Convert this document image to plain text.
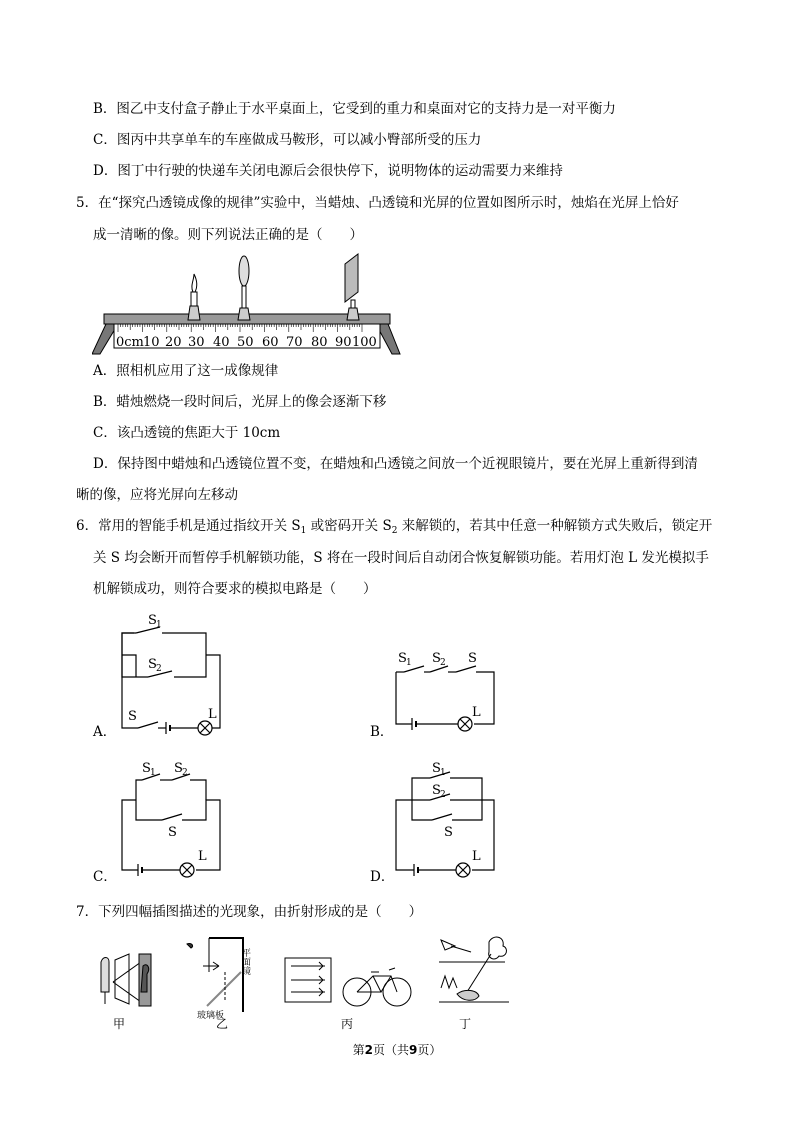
B．图乙中支付盒子静止于水平桌面上，它受到的重力和桌面对它的支持力是一对平衡力
C．图丙中共享单车的车座做成马鞍形，可以减小臀部所受的压力
D．图丁中行驶的快递车关闭电源后会很快停下，说明物体的运动需要力来维持
5．在“探究凸透镜成像的规律”实验中，当蜡烛、凸透镜和光屏的位置如图所示时，烛焰在光屏上恰好
成一清晰的像。则下列说法正确的是（　　）
0cm 10 20 30 40 50 60 70 80 90 100
A．照相机应用了这一成像规律
B．蜡烛燃烧一段时间后，光屏上的像会逐渐下移
C．该凸透镜的焦距大于 10cm
D．保持图中蜡烛和凸透镜位置不变，在蜡烛和凸透镜之间放一个近视眼镜片，要在光屏上重新得到清
晰的像，应将光屏向左移动
6．常用的智能手机是通过指纹开关 $S_1$ 或密码开关 $S_2$ 来解锁的，若其中任意一种解锁方式失败后，锁定开
关 S 均会断开而暂停手机解锁功能，S 将在一段时间后自动闭合恢复解锁功能。若用灯泡 L 发光模拟手
机解锁成功，则符合要求的模拟电路是（　　）
A．
S 1
S 2
S	L
B．
S 1 S 2 S
L
C．
S 1 S 2
S
L
D．
S 1
S 2
S
L
7．下列四幅插图描述的光现象，由折射形成的是（　　）
平面镜
玻璃板
甲	乙	丙	丁
第2页（共9页）
